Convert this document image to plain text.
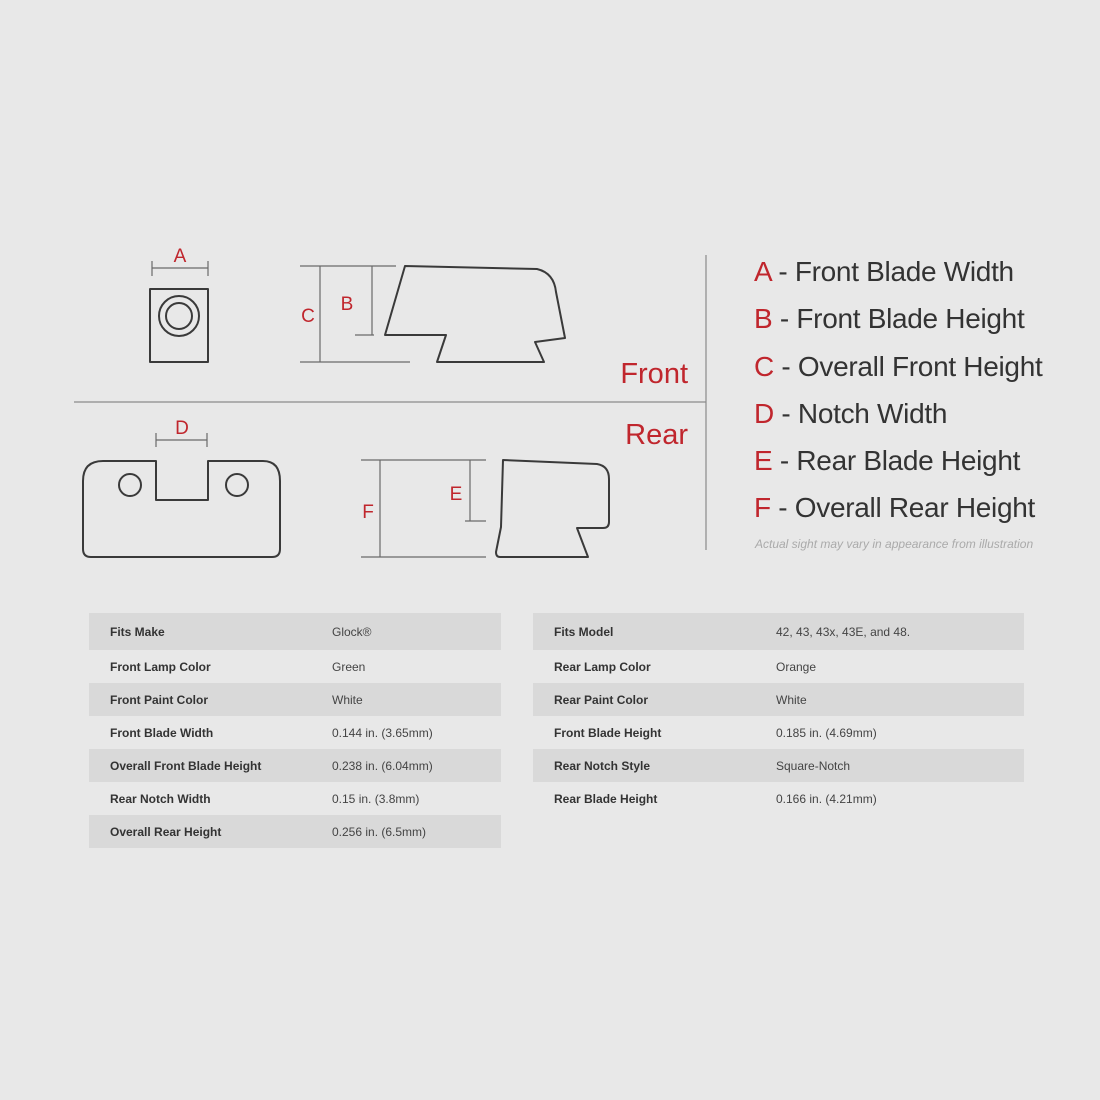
A
C
B
Front
Rear
D
F
E
A - Front Blade Width
B - Front Blade Height
C - Overall Front Height
D - Notch Width
E - Rear Blade Height
F - Overall Rear Height
Actual sight may vary in appearance from illustration
Fits Make	Glock®
Front Lamp Color	Green
Front Paint Color	White
Front Blade Width	0.144 in. (3.65mm)
Overall Front Blade Height	0.238 in. (6.04mm)
Rear Notch Width	0.15 in. (3.8mm)
Overall Rear Height	0.256 in. (6.5mm)
Fits Model	42, 43, 43x, 43E, and 48.
Rear Lamp Color	Orange
Rear Paint Color	White
Front Blade Height	0.185 in. (4.69mm)
Rear Notch Style	Square-Notch
Rear Blade Height	0.166 in. (4.21mm)
